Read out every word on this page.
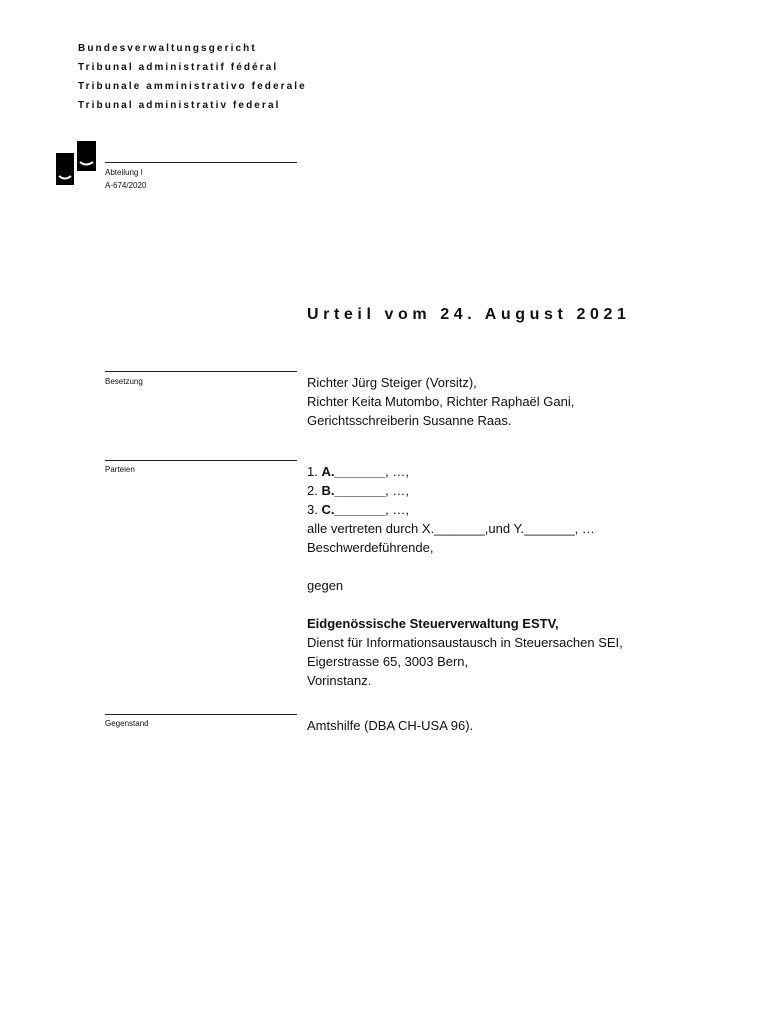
Bundesverwaltungsgericht
Tribunal administratif fédéral
Tribunale amministrativo federale
Tribunal administrativ federal
Abteilung I
A-674/2020
Urteil vom 24. August 2021
Besetzung	Richter Jürg Steiger (Vorsitz),
Richter Keita Mutombo, Richter Raphaël Gani,
Gerichtsschreiberin Susanne Raas.
Parteien	1. A._______, …,
2. B._______, …,
3. C._______, …,
alle vertreten durch X._______,und Y._______, …
Beschwerdeführende,
gegen
Eidgenössische Steuerverwaltung ESTV,
Dienst für Informationsaustausch in Steuersachen SEI,
Eigerstrasse 65, 3003 Bern,
Vorinstanz.
Gegenstand	Amtshilfe (DBA CH-USA 96).
